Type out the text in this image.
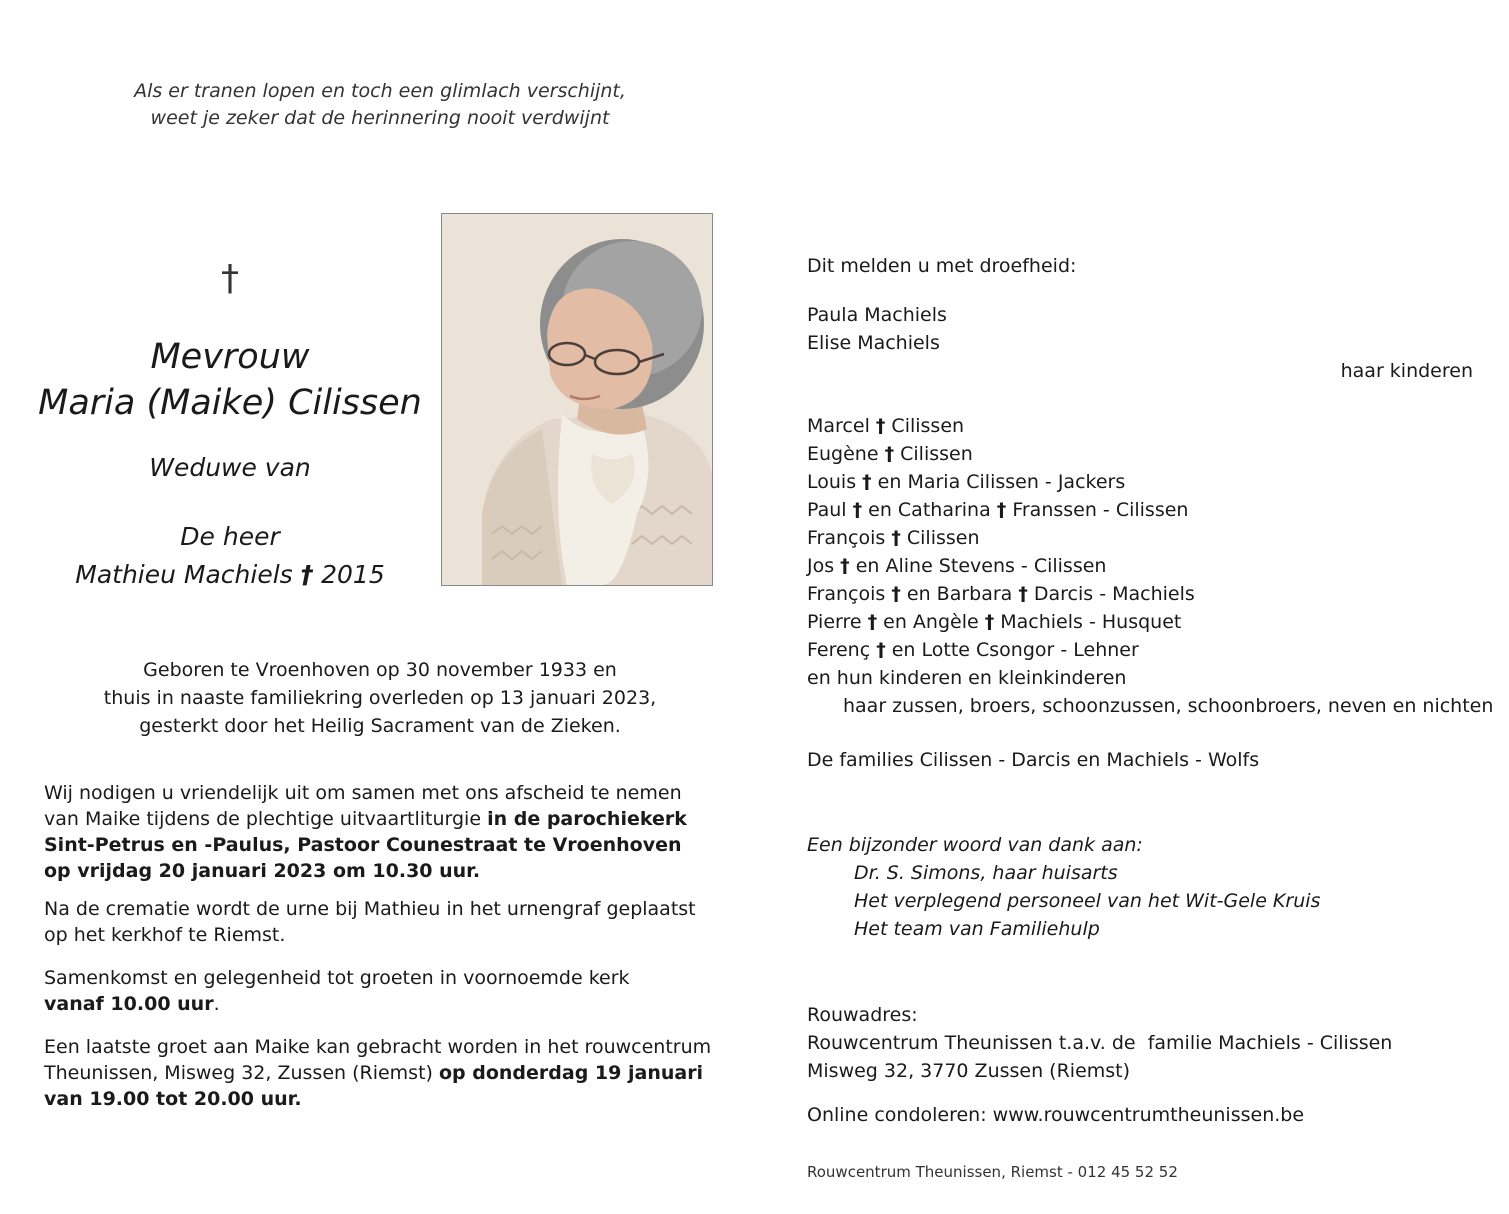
Als er tranen lopen en toch een glimlach verschijnt,
weet je zeker dat de herinnering nooit verdwijnt
†
Mevrouw
Maria (Maike) Cilissen
Weduwe van
De heer
Mathieu Machiels † 2015
Geboren te Vroenhoven op 30 november 1933 en
thuis in naaste familiekring overleden op 13 januari 2023,
gesterkt door het Heilig Sacrament van de Zieken.
Wij nodigen u vriendelijk uit om samen met ons afscheid te nemen
van Maike tijdens de plechtige uitvaartliturgie in de parochiekerk
Sint-Petrus en -Paulus, Pastoor Counestraat te Vroenhoven
op vrijdag 20 januari 2023 om 10.30 uur.
Na de crematie wordt de urne bij Mathieu in het urnengraf geplaatst
op het kerkhof te Riemst.
Samenkomst en gelegenheid tot groeten in voornoemde kerk
vanaf 10.00 uur.
Een laatste groet aan Maike kan gebracht worden in het rouwcentrum
Theunissen, Misweg 32, Zussen (Riemst) op donderdag 19 januari
van 19.00 tot 20.00 uur.
Dit melden u met droefheid:
Paula Machiels
Elise Machiels
haar kinderen
Marcel † Cilissen
Eugène † Cilissen
Louis † en Maria Cilissen - Jackers
Paul † en Catharina † Franssen - Cilissen
François † Cilissen
Jos † en Aline Stevens - Cilissen
François † en Barbara † Darcis - Machiels
Pierre † en Angèle † Machiels - Husquet
Ferenç † en Lotte Csongor - Lehner
en hun kinderen en kleinkinderen
haar zussen, broers, schoonzussen, schoonbroers, neven en nichten
De families Cilissen - Darcis en Machiels - Wolfs
Een bijzonder woord van dank aan:
Dr. S. Simons, haar huisarts
Het verplegend personeel van het Wit-Gele Kruis
Het team van Familiehulp
Rouwadres:
Rouwcentrum Theunissen t.a.v. de  familie Machiels - Cilissen
Misweg 32, 3770 Zussen (Riemst)
Online condoleren: www.rouwcentrumtheunissen.be
Rouwcentrum Theunissen, Riemst - 012 45 52 52
